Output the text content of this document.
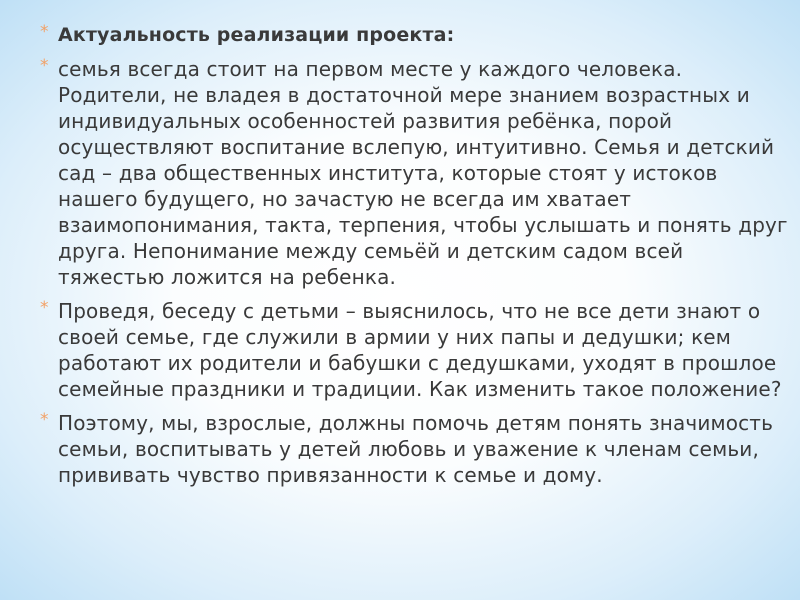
* Актуальность реализации проекта:
* семья всегда стоит на первом месте у каждого человека. Родители, не владея в достаточной мере знанием возрастных и индивидуальных особенностей развития ребёнка, порой осуществляют воспитание вслепую, интуитивно. Семья и детский сад – два общественных института, которые стоят у истоков нашего будущего, но зачастую не всегда им хватает взаимопонимания, такта, терпения, чтобы услышать и понять друг друга. Непонимание между семьёй и детским садом всей тяжестью ложится на ребенка.
* Проведя, беседу с детьми – выяснилось, что не все дети знают о своей семье, где служили в армии у них папы и дедушки; кем работают их родители и бабушки с дедушками, уходят в прошлое семейные праздники и традиции. Как изменить такое положение?
* Поэтому, мы, взрослые, должны помочь детям понять значимость семьи, воспитывать у детей любовь и уважение к членам семьи, прививать чувство привязанности к семье и дому.
